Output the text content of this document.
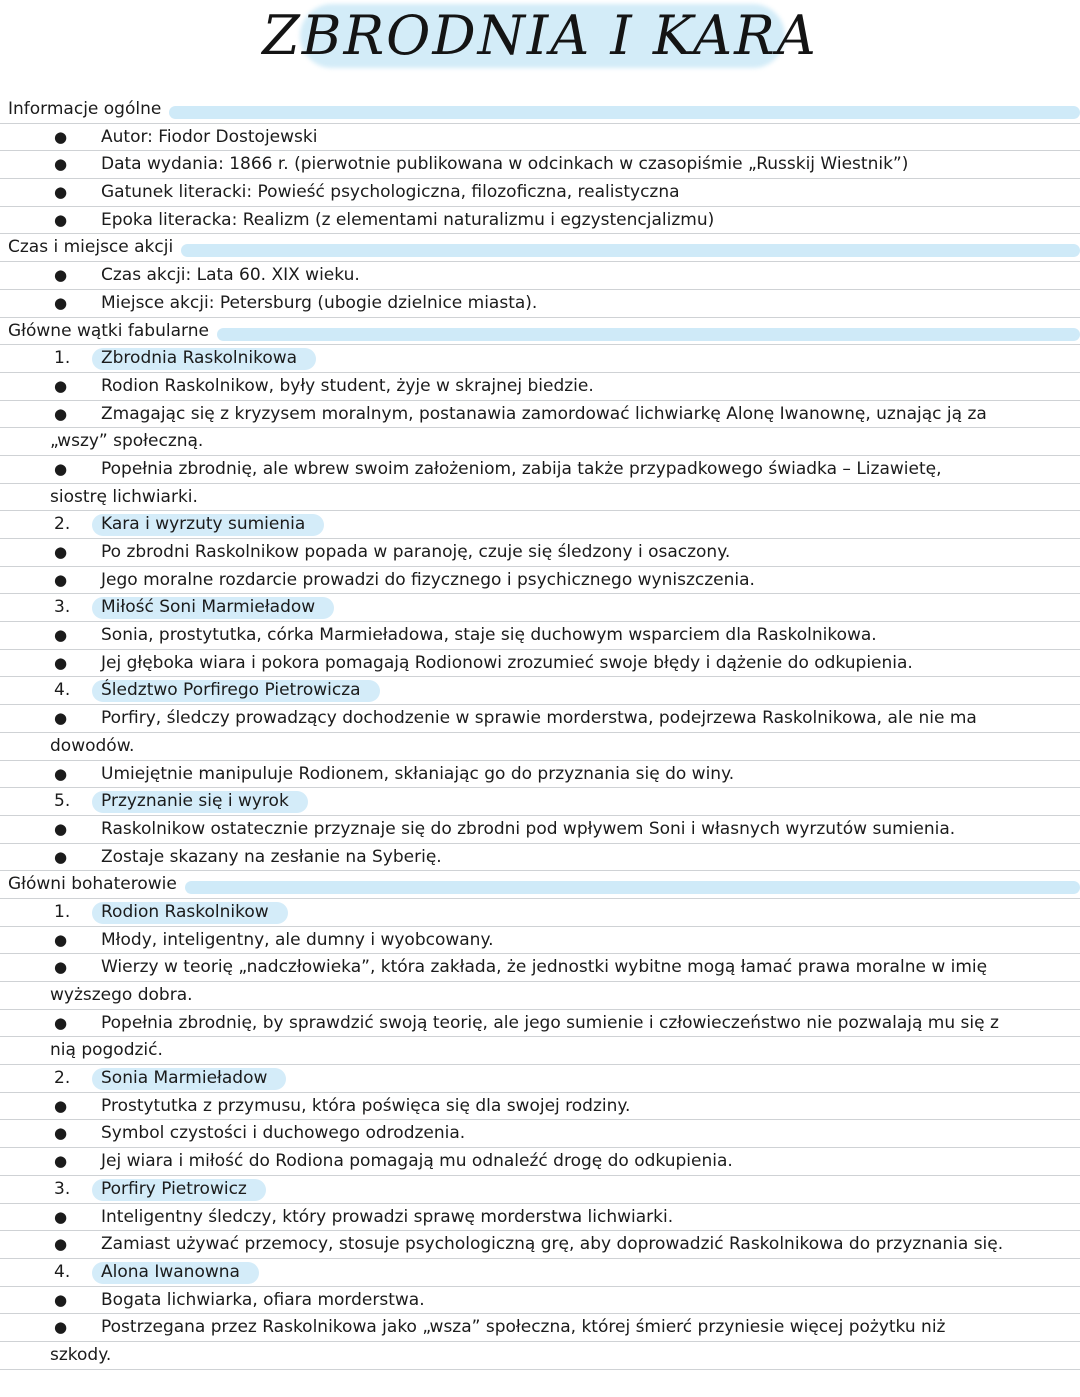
ZBRODNIA I KARA
Informacje ogólne
● Autor: Fiodor Dostojewski
● Data wydania: 1866 r. (pierwotnie publikowana w odcinkach w czasopiśmie „Russkij Wiestnik”)
● Gatunek literacki: Powieść psychologiczna, filozoficzna, realistyczna
● Epoka literacka: Realizm (z elementami naturalizmu i egzystencjalizmu)
Czas i miejsce akcji
● Czas akcji: Lata 60. XIX wieku.
● Miejsce akcji: Petersburg (ubogie dzielnice miasta).
Główne wątki fabularne
1. Zbrodnia Raskolnikowa
● Rodion Raskolnikow, były student, żyje w skrajnej biedzie.
● Zmagając się z kryzysem moralnym, postanawia zamordować lichwiarkę Alonę Iwanownę, uznając ją za
„wszy” społeczną.
● Popełnia zbrodnię, ale wbrew swoim założeniom, zabija także przypadkowego świadka – Lizawietę,
siostrę lichwiarki.
2. Kara i wyrzuty sumienia
● Po zbrodni Raskolnikow popada w paranoję, czuje się śledzony i osaczony.
● Jego moralne rozdarcie prowadzi do fizycznego i psychicznego wyniszczenia.
3. Miłość Soni Marmieładow
● Sonia, prostytutka, córka Marmieładowa, staje się duchowym wsparciem dla Raskolnikowa.
● Jej głęboka wiara i pokora pomagają Rodionowi zrozumieć swoje błędy i dążenie do odkupienia.
4. Śledztwo Porfirego Pietrowicza
● Porfiry, śledczy prowadzący dochodzenie w sprawie morderstwa, podejrzewa Raskolnikowa, ale nie ma
dowodów.
● Umiejętnie manipuluje Rodionem, skłaniając go do przyznania się do winy.
5. Przyznanie się i wyrok
● Raskolnikow ostatecznie przyznaje się do zbrodni pod wpływem Soni i własnych wyrzutów sumienia.
● Zostaje skazany na zesłanie na Syberię.
Główni bohaterowie
1. Rodion Raskolnikow
● Młody, inteligentny, ale dumny i wyobcowany.
● Wierzy w teorię „nadczłowieka”, która zakłada, że jednostki wybitne mogą łamać prawa moralne w imię
wyższego dobra.
● Popełnia zbrodnię, by sprawdzić swoją teorię, ale jego sumienie i człowieczeństwo nie pozwalają mu się z
nią pogodzić.
2. Sonia Marmieładow
● Prostytutka z przymusu, która poświęca się dla swojej rodziny.
● Symbol czystości i duchowego odrodzenia.
● Jej wiara i miłość do Rodiona pomagają mu odnaleźć drogę do odkupienia.
3. Porfiry Pietrowicz
● Inteligentny śledczy, który prowadzi sprawę morderstwa lichwiarki.
● Zamiast używać przemocy, stosuje psychologiczną grę, aby doprowadzić Raskolnikowa do przyznania się.
4. Alona Iwanowna
● Bogata lichwiarka, ofiara morderstwa.
● Postrzegana przez Raskolnikowa jako „wsza” społeczna, której śmierć przyniesie więcej pożytku niż
szkody.
